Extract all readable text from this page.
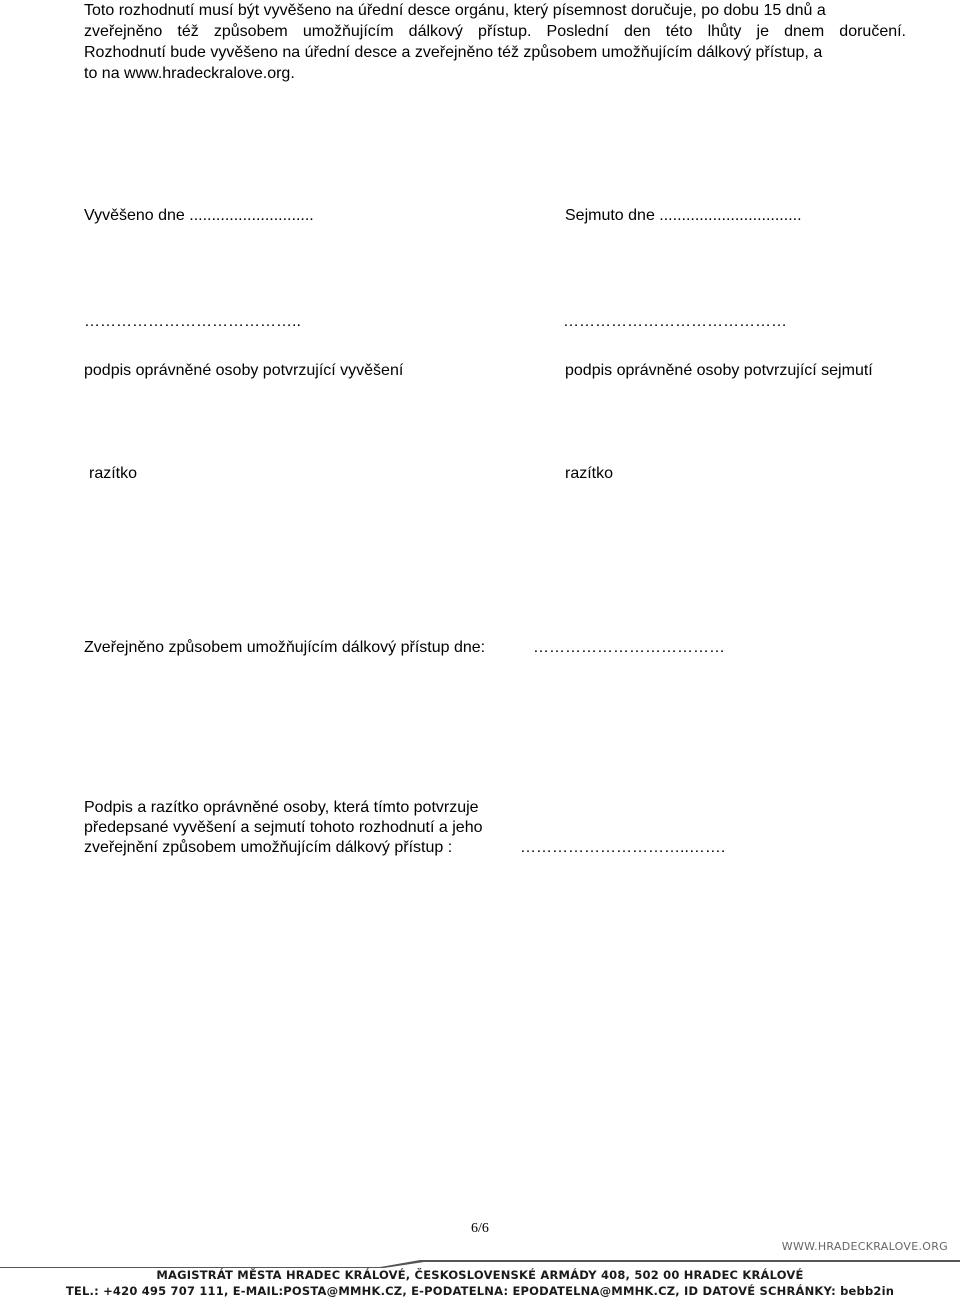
Toto rozhodnutí musí být vyvěšeno na úřední desce orgánu, který písemnost doručuje, po dobu 15 dnů a
zveřejněno též způsobem umožňujícím dálkový přístup. Poslední den této lhůty je dnem doručení.
Rozhodnutí bude vyvěšeno na úřední desce a zveřejněno též způsobem umožňujícím dálkový přístup, a
to na www.hradeckralove.org.
Vyvěšeno dne ............................	Sejmuto dne ................................
…………………………………..	……………………………………
podpis oprávněné osoby potvrzující vyvěšení	podpis oprávněné osoby potvrzující sejmutí
razítko	razítko
Zveřejněno způsobem umožňujícím dálkový přístup dne:	………………………………
Podpis a razítko oprávněné osoby, která tímto potvrzuje
předepsané vyvěšení a sejmutí tohoto rozhodnutí a jeho
zveřejnění způsobem umožňujícím dálkový přístup :	…………………………..…….
6/6
WWW.HRADECKRALOVE.ORG
MAGISTRÁT MĚSTA HRADEC KRÁLOVÉ, ČESKOSLOVENSKÉ ARMÁDY 408, 502 00 HRADEC KRÁLOVÉ
TEL.: +420 495 707 111, E-MAIL:POSTA@MMHK.CZ, E-PODATELNA: EPODATELNA@MMHK.CZ, ID DATOVÉ SCHRÁNKY: bebb2in
